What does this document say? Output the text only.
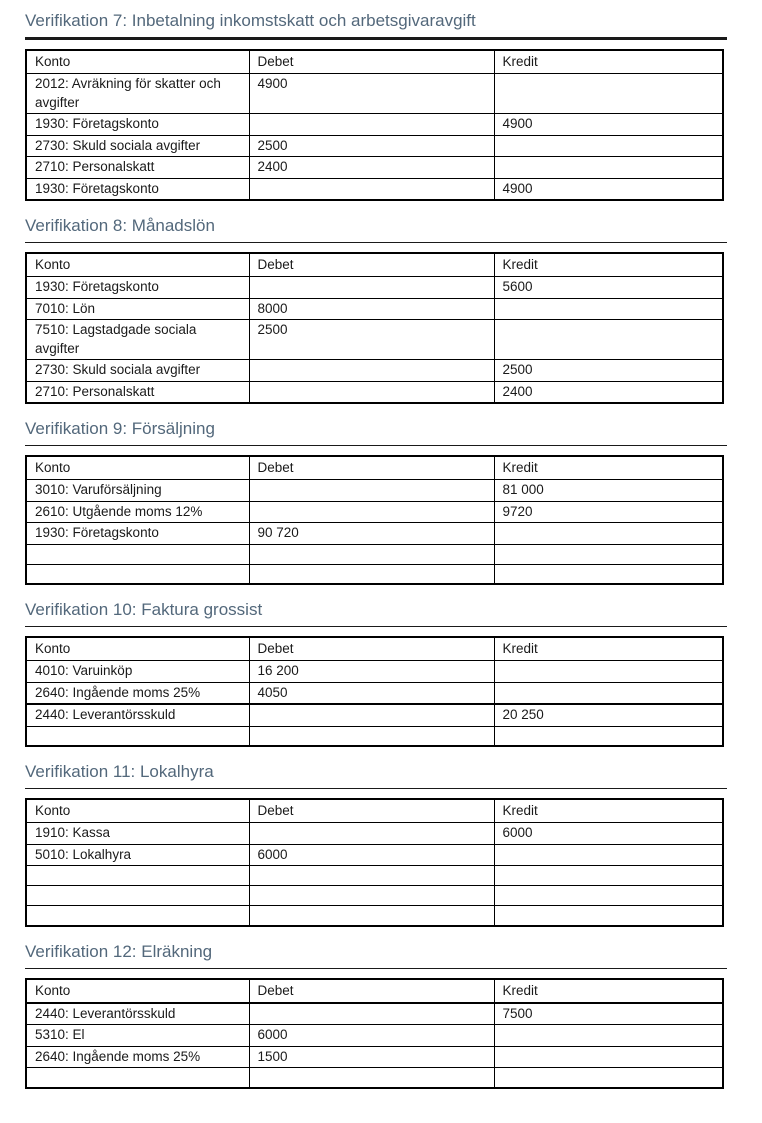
Verifikation 7: Inbetalning inkomstskatt och arbetsgivaravgift
Konto	Debet	Kredit

2012: Avräkning för skatter och avgifter	4900	

1930: Företagskonto		4900

2730: Skuld sociala avgifter	2500	

2710: Personalskatt	2400	

1930: Företagskonto		4900
Verifikation 8: Månadslön
Konto	Debet	Kredit

1930: Företagskonto		5600

7010: Lön	8000	

7510: Lagstadgade sociala avgifter	2500	

2730: Skuld sociala avgifter		2500

2710: Personalskatt		2400
Verifikation 9: Försäljning
Konto	Debet	Kredit

3010: Varuförsäljning		81 000

2610: Utgående moms 12%		9720

1930: Företagskonto	90 720	

Verifikation 10: Faktura grossist
Konto	Debet	Kredit

4010: Varuinköp	16 200	

2640: Ingående moms 25%	4050	

2440: Leverantörsskuld		20 250

Verifikation 11: Lokalhyra
Konto	Debet	Kredit

1910: Kassa		6000

5010: Lokalhyra	6000	

Verifikation 12: Elräkning
Konto	Debet	Kredit

2440: Leverantörsskuld		7500

5310: El	6000	

2640: Ingående moms 25%	1500	
